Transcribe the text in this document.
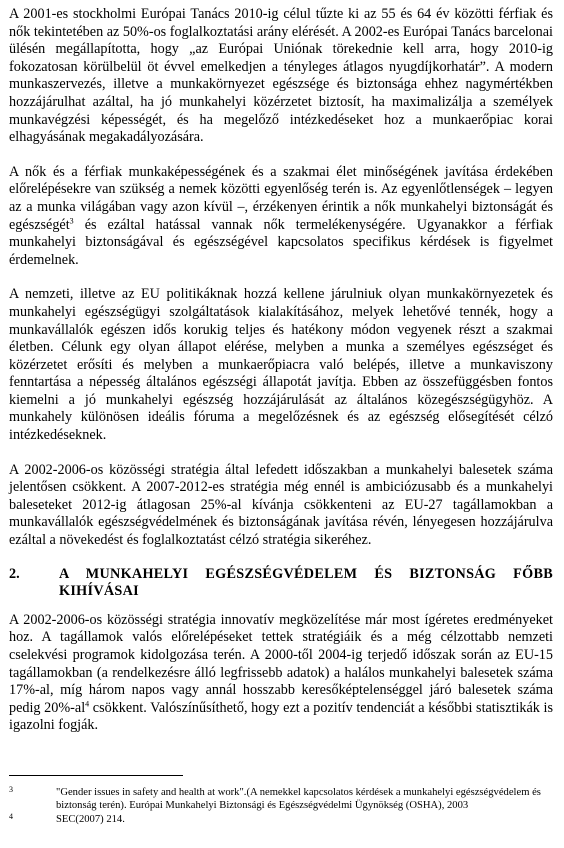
A 2001-es stockholmi Európai Tanács 2010-ig célul tűzte ki az 55 és 64 év közötti férfiak és nők tekintetében az 50%-os foglalkoztatási arány elérését. A 2002-es Európai Tanács barcelonai ülésén megállapította, hogy „az Európai Uniónak törekednie kell arra, hogy 2010-ig fokozatosan körülbelül öt évvel emelkedjen a tényleges átlagos nyugdíjkorhatár”. A modern munkaszervezés, illetve a munkakörnyezet egészsége és biztonsága ehhez nagymértékben hozzájárulhat azáltal, ha jó munkahelyi közérzetet biztosít, ha maximalizálja a személyek munkavégzési képességét, és ha megelőző intézkedéseket hoz a munkaerőpiac korai elhagyásának megakadályozására.

A nők és a férfiak munkaképességének és a szakmai élet minőségének javítása érdekében előrelépésekre van szükség a nemek közötti egyenlőség terén is. Az egyenlőtlenségek – legyen az a munka világában vagy azon kívül –, érzékenyen érintik a nők munkahelyi biztonságát és egészségét$^3$ és ezáltal hatással vannak nők termelékenységére. Ugyanakkor a férfiak munkahelyi biztonságával és egészségével kapcsolatos specifikus kérdések is figyelmet érdemelnek.

A nemzeti, illetve az EU politikáknak hozzá kellene járulniuk olyan munkakörnyezetek és munkahelyi egészségügyi szolgáltatások kialakításához, melyek lehetővé tennék, hogy a munkavállalók egészen idős korukig teljes és hatékony módon vegyenek részt a szakmai életben. Célunk egy olyan állapot elérése, melyben a munka a személyes egészséget és közérzetet erősíti és melyben a munkaerőpiacra való belépés, illetve a munkaviszony fenntartása a népesség általános egészségi állapotát javítja. Ebben az összefüggésben fontos kiemelni a jó munkahelyi egészség hozzájárulását az általános közegészségügyhöz. A munkahely különösen ideális fóruma a megelőzésnek és az egészség elősegítését célzó intézkedéseknek.

A 2002-2006-os közösségi stratégia által lefedett időszakban a munkahelyi balesetek száma jelentősen csökkent. A 2007-2012-es stratégia még ennél is ambiciózusabb és a munkahelyi baleseteket 2012-ig átlagosan 25%-al kívánja csökkenteni az EU-27 tagállamokban a munkavállalók egészségvédelmének és biztonságának javítása révén, lényegesen hozzájárulva ezáltal a növekedést és foglalkoztatást célzó stratégia sikeréhez.

2.	A MUNKAHELYI EGÉSZSÉGVÉDELEM ÉS BIZTONSÁG FŐBB KIHÍVÁSAI

A 2002-2006-os közösségi stratégia innovatív megközelítése már most ígéretes eredményeket hoz. A tagállamok valós előrelépéseket tettek stratégiáik és a még célzottabb nemzeti cselekvési programok kidolgozása terén. A 2000-től 2004-ig terjedő időszak során az EU-15 tagállamokban (a rendelkezésre álló legfrissebb adatok) a halálos munkahelyi balesetek száma 17%-al, míg három napos vagy annál hosszabb keresőképtelenséggel járó balesetek száma pedig $20\%-al^4$ csökkent. Valószínűsíthető, hogy ezt a pozitív tendenciát a későbbi statisztikák is igazolni fogják.

3	"Gender issues in safety and health at work".(A nemekkel kapcsolatos kérdések a munkahelyi egészségvédelem és biztonság terén). Európai Munkahelyi Biztonsági és Egészségvédelmi Ügynökség (OSHA), 2003
4	SEC(2007) 214.
